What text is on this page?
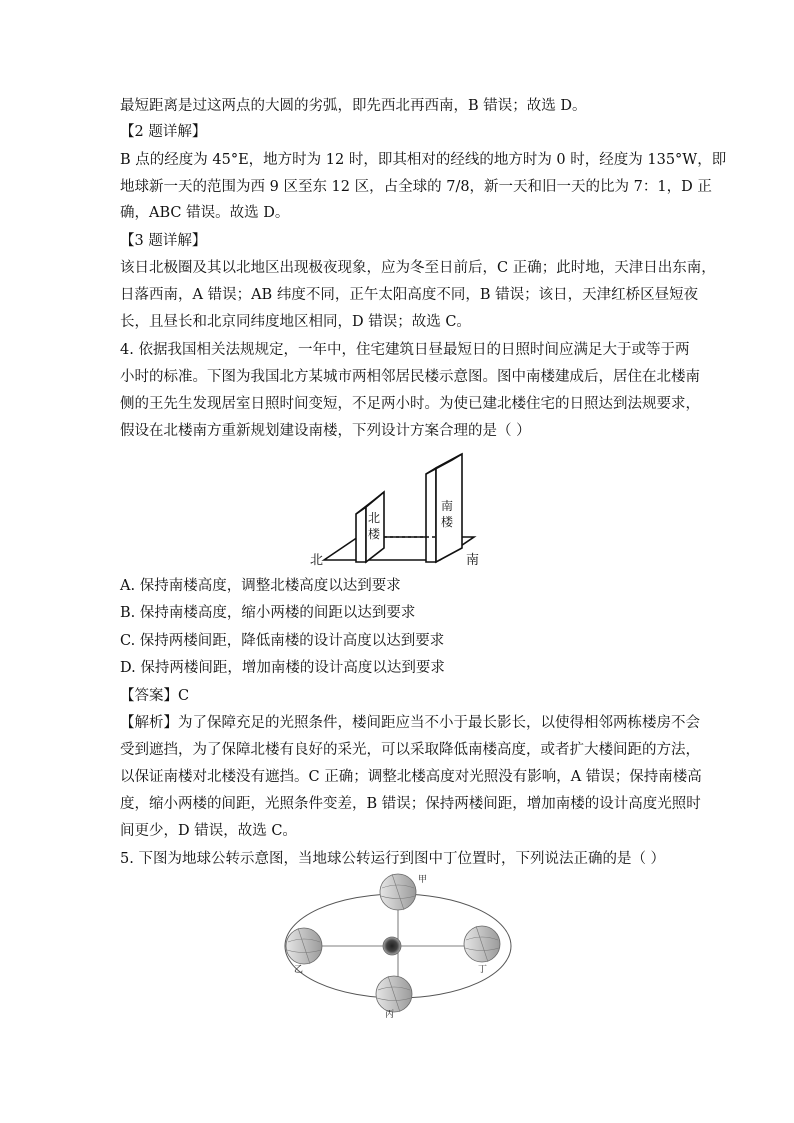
最短距离是过这两点的大圆的劣弧，即先西北再西南，B 错误；故选 D。
【2 题详解】
B 点的经度为 45°E，地方时为 12 时，即其相对的经线的地方时为 0 时，经度为 135°W，即
地球新一天的范围为西 9 区至东 12 区，占全球的 7/8，新一天和旧一天的比为 7：1，D 正
确，ABC 错误。故选 D。
【3 题详解】
该日北极圈及其以北地区出现极夜现象，应为冬至日前后，C 正确；此时地，天津日出东南，
日落西南，A 错误；AB 纬度不同，正午太阳高度不同，B 错误；该日，天津红桥区昼短夜
长，且昼长和北京同纬度地区相同，D 错误；故选 C。
4. 依据我国相关法规规定，一年中，住宅建筑日昼最短日的日照时间应满足大于或等于两
小时的标准。下图为我国北方某城市两相邻居民楼示意图。图中南楼建成后，居住在北楼南
侧的王先生发现居室日照时间变短，不足两小时。为使已建北楼住宅的日照达到法规要求，
假设在北楼南方重新规划建设南楼，下列设计方案合理的是（ ）
北	南
北
楼
南
楼
A. 保持南楼高度，调整北楼高度以达到要求
B. 保持南楼高度，缩小两楼的间距以达到要求
C. 保持两楼间距，降低南楼的设计高度以达到要求
D. 保持两楼间距，增加南楼的设计高度以达到要求
【答案】C
【解析】为了保障充足的光照条件，楼间距应当不小于最长影长，以使得相邻两栋楼房不会
受到遮挡，为了保障北楼有良好的采光，可以采取降低南楼高度，或者扩大楼间距的方法，
以保证南楼对北楼没有遮挡。C 正确；调整北楼高度对光照没有影响，A 错误；保持南楼高
度，缩小两楼的间距，光照条件变差，B 错误；保持两楼间距，增加南楼的设计高度光照时
间更少，D 错误，故选 C。
5. 下图为地球公转示意图，当地球公转运行到图中丁位置时，下列说法正确的是（ ）
甲
乙
丙
丁
